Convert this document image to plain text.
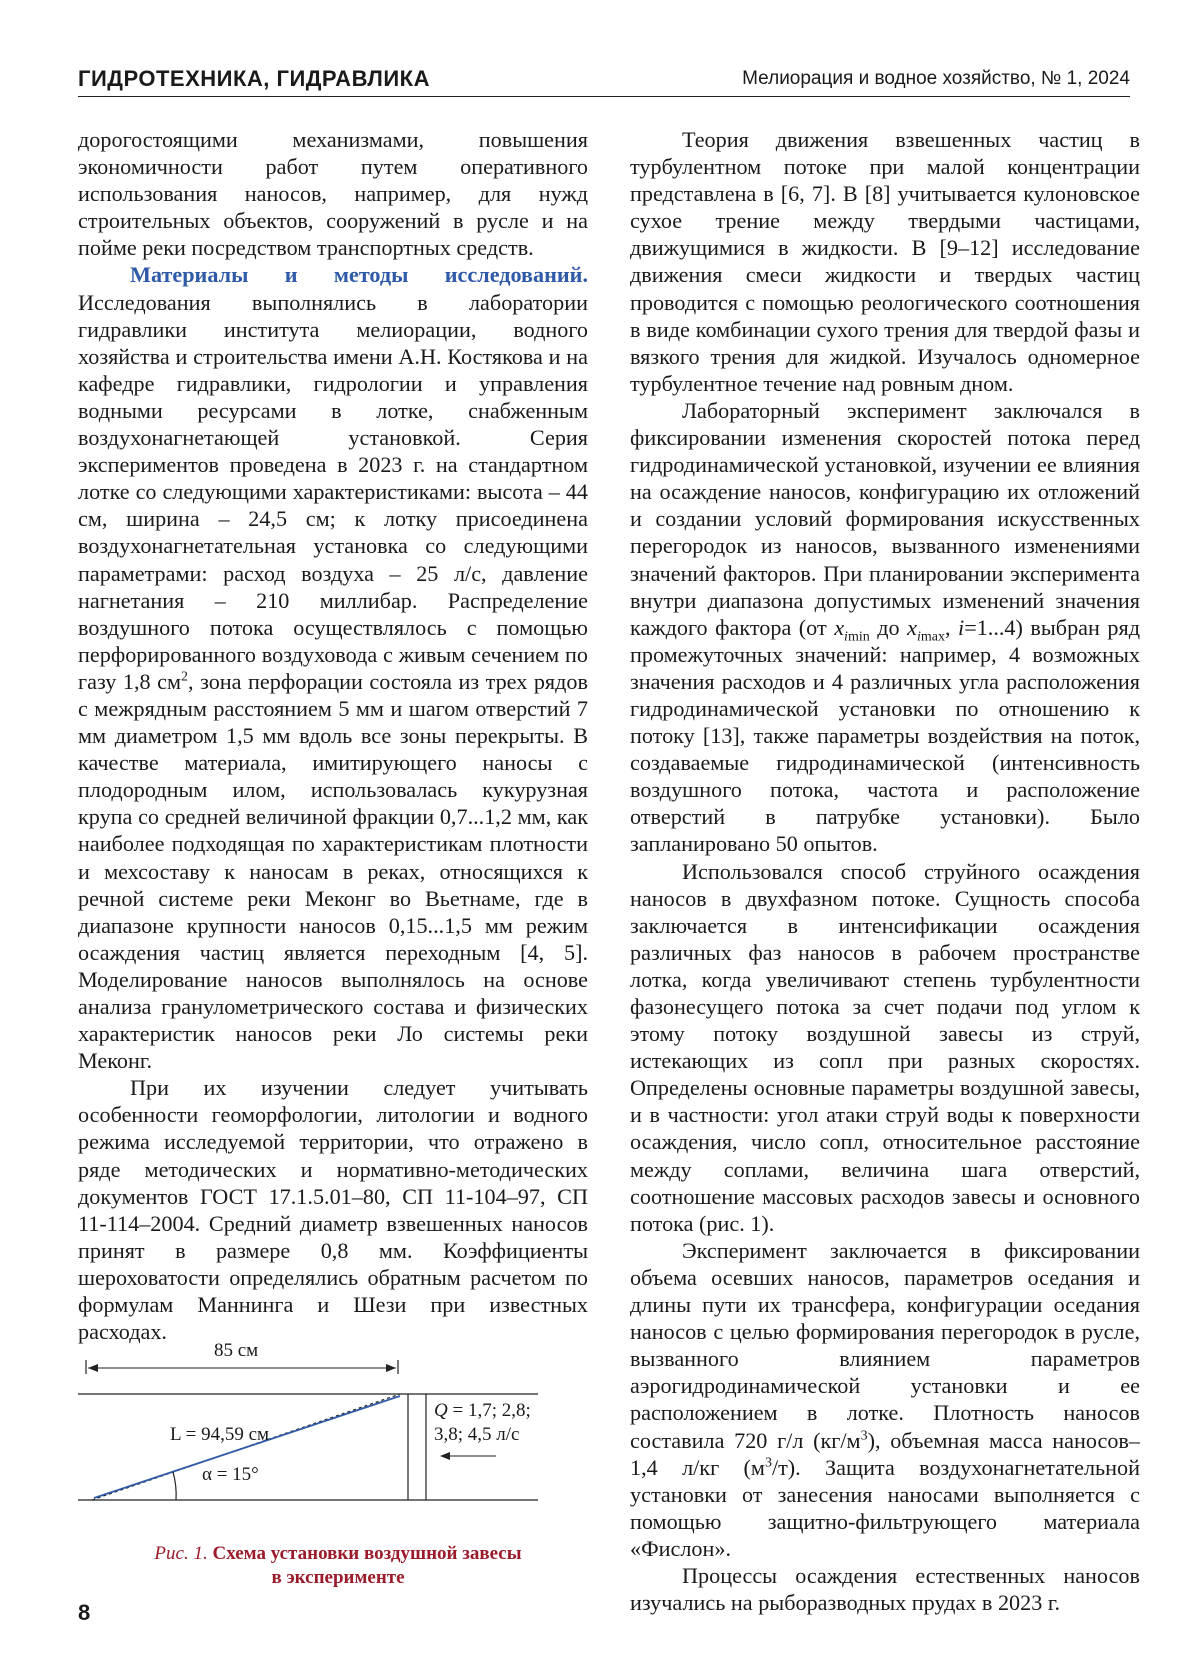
ГИДРОТЕХНИКА, ГИДРАВЛИКА	Мелиорация и водное хозяйство, № 1, 2024

дорогостоящими механизмами, повышения экономичности работ путем оперативного использования наносов, например, для нужд строительных объектов, сооружений в русле и на пойме реки посредством транспортных средств.

Материалы и методы исследований. Исследования выполнялись в лаборатории гидравлики института мелиорации, водного хозяйства и строительства имени А.Н. Костякова и на кафедре гидравлики, гидрологии и управления водными ресурсами в лотке, снабженным воздухонагнетающей установкой. Серия экспериментов проведена в 2023 г. на стандартном лотке со следующими характеристиками: высота – 44 см, ширина – 24,5 см; к лотку присоединена воздухонагнетательная установка со следующими параметрами: расход воздуха – 25 л/с, давление нагнетания – 210 миллибар. Распределение воздушного потока осуществлялось с помощью перфорированного воздуховода с живым сечением по газу 1,8 $см^2$, зона перфорации состояла из трех рядов с межрядным расстоянием 5 мм и шагом отверстий 7 мм диаметром 1,5 мм вдоль все зоны перекрыты. В качестве материала, имитирующего наносы с плодородным илом, использовалась кукурузная крупа со средней величиной фракции 0,7...1,2 мм, как наиболее подходящая по характеристикам плотности и мехсоставу к наносам в реках, относящихся к речной системе реки Меконг во Вьетнаме, где в диапазоне крупности наносов 0,15...1,5 мм режим осаждения частиц является переходным [4, 5]. Моделирование наносов выполнялось на основе анализа гранулометрического состава и физических характеристик наносов реки Ло системы реки Меконг.

При их изучении следует учитывать особенности геоморфологии, литологии и водного режима исследуемой территории, что отражено в ряде методических и нормативно-методических документов ГОСТ 17.1.5.01–80, СП 11-104–97, СП 11-114–2004. Средний диаметр взвешенных наносов принят в размере 0,8 мм. Коэффициенты шероховатости определялись обратным расчетом по формулам Маннинга и Шези при известных расходах.

85 см
L = 94,59 см
α = 15°
Q = 1,7; 2,8;
3,8; 4,5 л/с
Рис. 1. Схема установки воздушной завесы
в эксперименте

Теория движения взвешенных частиц в турбулентном потоке при малой концентрации представлена в [6, 7]. В [8] учитывается кулоновское сухое трение между твердыми частицами, движущимися в жидкости. В [9–12] исследование движения смеси жидкости и твердых частиц проводится с помощью реологического соотношения в виде комбинации сухого трения для твердой фазы и вязкого трения для жидкой. Изучалось одномерное турбулентное течение над ровным дном.

Лабораторный эксперимент заключался в фиксировании изменения скоростей потока перед гидродинамической установкой, изучении ее влияния на осаждение наносов, конфигурацию их отложений и создании условий формирования искусственных перегородок из наносов, вызванного изменениями значений факторов. При планировании эксперимента внутри диапазона допустимых изменений значения каждого фактора (от $x_{imin}$ до $x_{imax}$, i=1...4) выбран ряд промежуточных значений: например, 4 возможных значения расходов и 4 различных угла расположения гидродинамической установки по отношению к потоку [13], также параметры воздействия на поток, создаваемые гидродинамической (интенсивность воздушного потока, частота и расположение отверстий в патрубке установки). Было запланировано 50 опытов.

Использовался способ струйного осаждения наносов в двухфазном потоке. Сущность способа заключается в интенсификации осаждения различных фаз наносов в рабочем пространстве лотка, когда увеличивают степень турбулентности фазонесущего потока за счет подачи под углом к этому потоку воздушной завесы из струй, истекающих из сопл при разных скоростях. Определены основные параметры воздушной завесы, и в частности: угол атаки струй воды к поверхности осаждения, число сопл, относительное расстояние между соплами, величина шага отверстий, соотношение массовых расходов завесы и основного потока (рис. 1).

Эксперимент заключается в фиксировании объема осевших наносов, параметров оседания и длины пути их трансфера, конфигурации оседания наносов с целью формирования перегородок в русле, вызванного влиянием параметров аэрогидродинамической установки и ее расположением в лотке. Плотность наносов составила 720 г/л $(кг/м^3)$, объемная масса наносов– 1,4 л/кг $(м^3/т)$. Защита воздухонагнетательной установки от занесения наносами выполняется с помощью защитно-фильтрующего материала «Фислон».

Процессы осаждения естественных наносов изучались на рыборазводных прудах в 2023 г.

8
